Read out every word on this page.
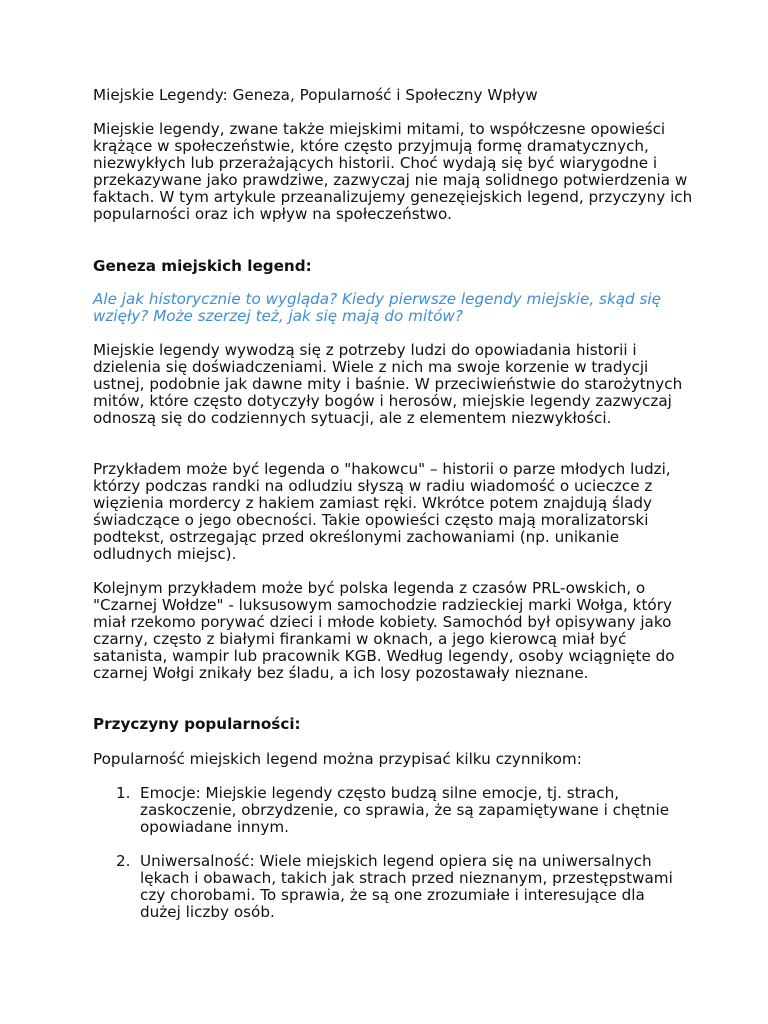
Miejskie Legendy: Geneza, Popularność i Społeczny Wpływ

Miejskie legendy, zwane także miejskimi mitami, to współczesne opowieści krążące w społeczeństwie, które często przyjmują formę dramatycznych, niezwykłych lub przerażających historii. Choć wydają się być wiarygodne i przekazywane jako prawdziwe, zazwyczaj nie mają solidnego potwierdzenia w faktach. W tym artykule przeanalizujemy genezęiejskich legend, przyczyny ich popularności oraz ich wpływ na społeczeństwo.

Geneza miejskich legend:

Ale jak historycznie to wygląda? Kiedy pierwsze legendy miejskie, skąd się wzięły? Może szerzej też, jak się mają do mitów?

Miejskie legendy wywodzą się z potrzeby ludzi do opowiadania historii i dzielenia się doświadczeniami. Wiele z nich ma swoje korzenie w tradycji ustnej, podobnie jak dawne mity i baśnie. W przeciwieństwie do starożytnych mitów, które często dotyczyły bogów i herosów, miejskie legendy zazwyczaj odnoszą się do codziennych sytuacji, ale z elementem niezwykłości.

Przykładem może być legenda o "hakowcu" – historii o parze młodych ludzi, którzy podczas randki na odludziu słyszą w radiu wiadomość o ucieczce z więzienia mordercy z hakiem zamiast ręki. Wkrótce potem znajdują ślady świadczące o jego obecności. Takie opowieści często mają moralizatorski podtekst, ostrzegając przed określonymi zachowaniami (np. unikanie odludnych miejsc).

Kolejnym przykładem może być polska legenda z czasów PRL-owskich, o "Czarnej Wołdze" - luksusowym samochodzie radzieckiej marki Wołga, który miał rzekomo porywać dzieci i młode kobiety. Samochód był opisywany jako czarny, często z białymi firankami w oknach, a jego kierowcą miał być satanista, wampir lub pracownik KGB. Według legendy, osoby wciągnięte do czarnej Wołgi znikały bez śladu, a ich losy pozostawały nieznane.

Przyczyny popularności:

Popularność miejskich legend można przypisać kilku czynnikom:

1. Emocje: Miejskie legendy często budzą silne emocje, tj. strach, zaskoczenie, obrzydzenie, co sprawia, że są zapamiętywane i chętnie opowiadane innym.
2. Uniwersalność: Wiele miejskich legend opiera się na uniwersalnych lękach i obawach, takich jak strach przed nieznanym, przestępstwami czy chorobami. To sprawia, że są one zrozumiałe i interesujące dla dużej liczby osób.
